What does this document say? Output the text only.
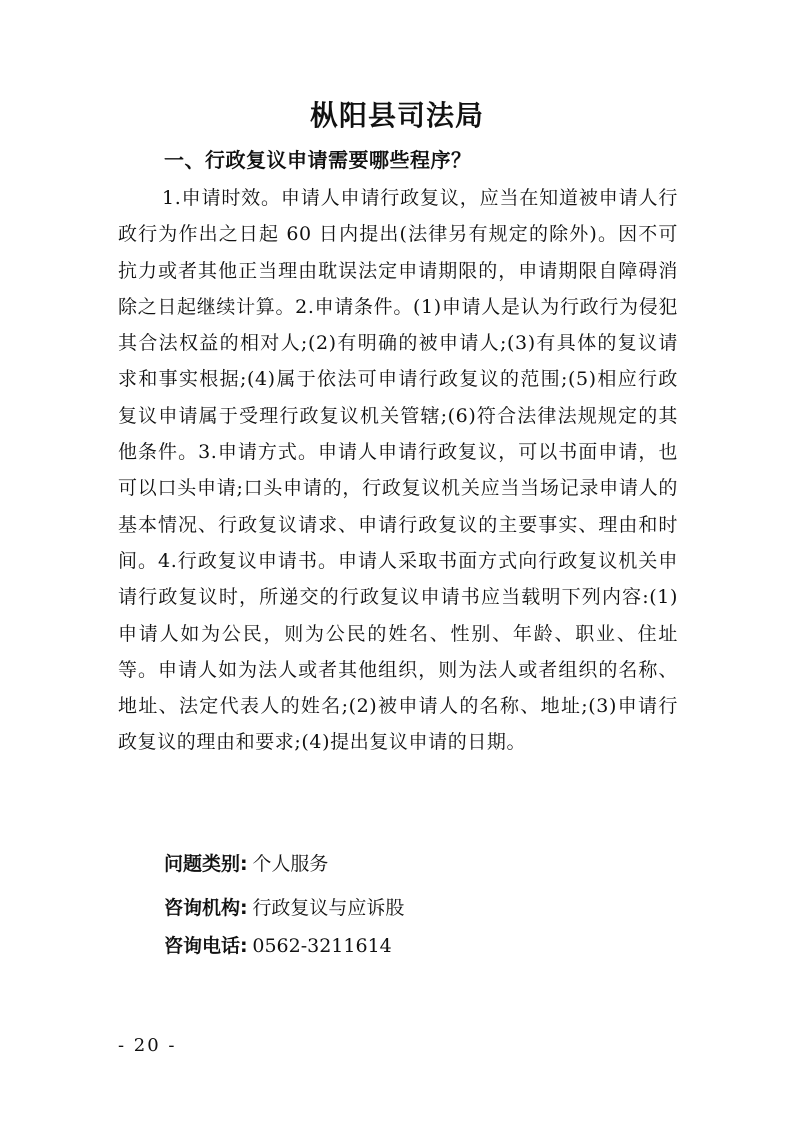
枞阳县司法局
一、行政复议申请需要哪些程序？

1.申请时效。申请人申请行政复议，应当在知道被申请人行政行为作出之日起 60 日内提出(法律另有规定的除外)。因不可抗力或者其他正当理由耽误法定申请期限的，申请期限自障碍消除之日起继续计算。2.申请条件。(1)申请人是认为行政行为侵犯其合法权益的相对人;(2)有明确的被申请人;(3)有具体的复议请求和事实根据;(4)属于依法可申请行政复议的范围;(5)相应行政复议申请属于受理行政复议机关管辖;(6)符合法律法规规定的其他条件。3.申请方式。申请人申请行政复议，可以书面申请，也可以口头申请;口头申请的，行政复议机关应当当场记录申请人的基本情况、行政复议请求、申请行政复议的主要事实、理由和时间。4.行政复议申请书。申请人采取书面方式向行政复议机关申请行政复议时，所递交的行政复议申请书应当载明下列内容:(1)申请人如为公民，则为公民的姓名、性别、年龄、职业、住址等。申请人如为法人或者其他组织，则为法人或者组织的名称、地址、法定代表人的姓名;(2)被申请人的名称、地址;(3)申请行政复议的理由和要求;(4)提出复议申请的日期。

问题类别: 个人服务
咨询机构: 行政复议与应诉股
咨询电话: 0562-3211614
- 20 -
